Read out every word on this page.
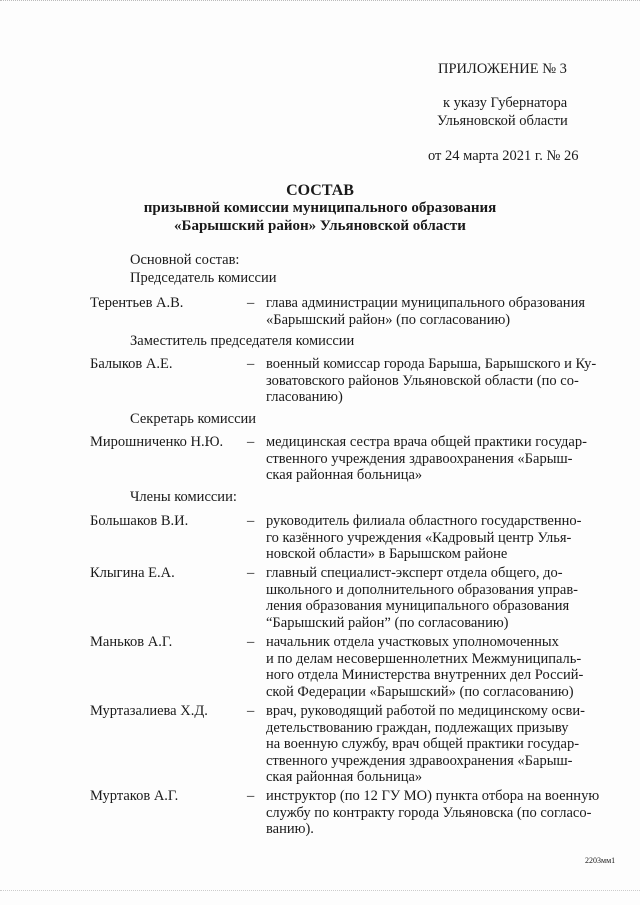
ПРИЛОЖЕНИЕ № 3
к указу Губернатора
Ульяновской области
от 24 марта 2021 г. № 26
СОСТАВ
призывной комиссии муниципального образования
«Барышский район» Ульяновской области
Основной состав:
Председатель комиссии
Терентьев А.В.	– глава администрации муниципального образования
«Барышский район» (по согласованию)
Заместитель председателя комиссии
Балыков А.Е.	– военный комиссар города Барыша, Барышского и Ку-
зоватовского районов Ульяновской области (по со-
гласованию)
Секретарь комиссии
Мирошниченко Н.Ю. – медицинская сестра врача общей практики государ-
ственного учреждения здравоохранения «Барыш-
ская районная больница»
Члены комиссии:
Большаков В.И.	– руководитель филиала областного государственно-
го казённого учреждения «Кадровый центр Улья-
новской области» в Барышском районе
Клыгина Е.А.	– главный специалист-эксперт отдела общего, до-
школьного и дополнительного образования управ-
ления образования муниципального образования
“Барышский район” (по согласованию)
Маньков А.Г.	– начальник отдела участковых уполномоченных
и по делам несовершеннолетних Межмуниципаль-
ного отдела Министерства внутренних дел Россий-
ской Федерации «Барышский» (по согласованию)
Муртазалиева Х.Д.	– врач, руководящий работой по медицинскому осви-
детельствованию граждан, подлежащих призыву
на военную службу, врач общей практики государ-
ственного учреждения здравоохранения «Барыш-
ская районная больница»
Муртаков А.Г.	– инструктор (по 12 ГУ МО) пункта отбора на военную
службу по контракту города Ульяновска (по согласо-
ванию).
2203мм1
